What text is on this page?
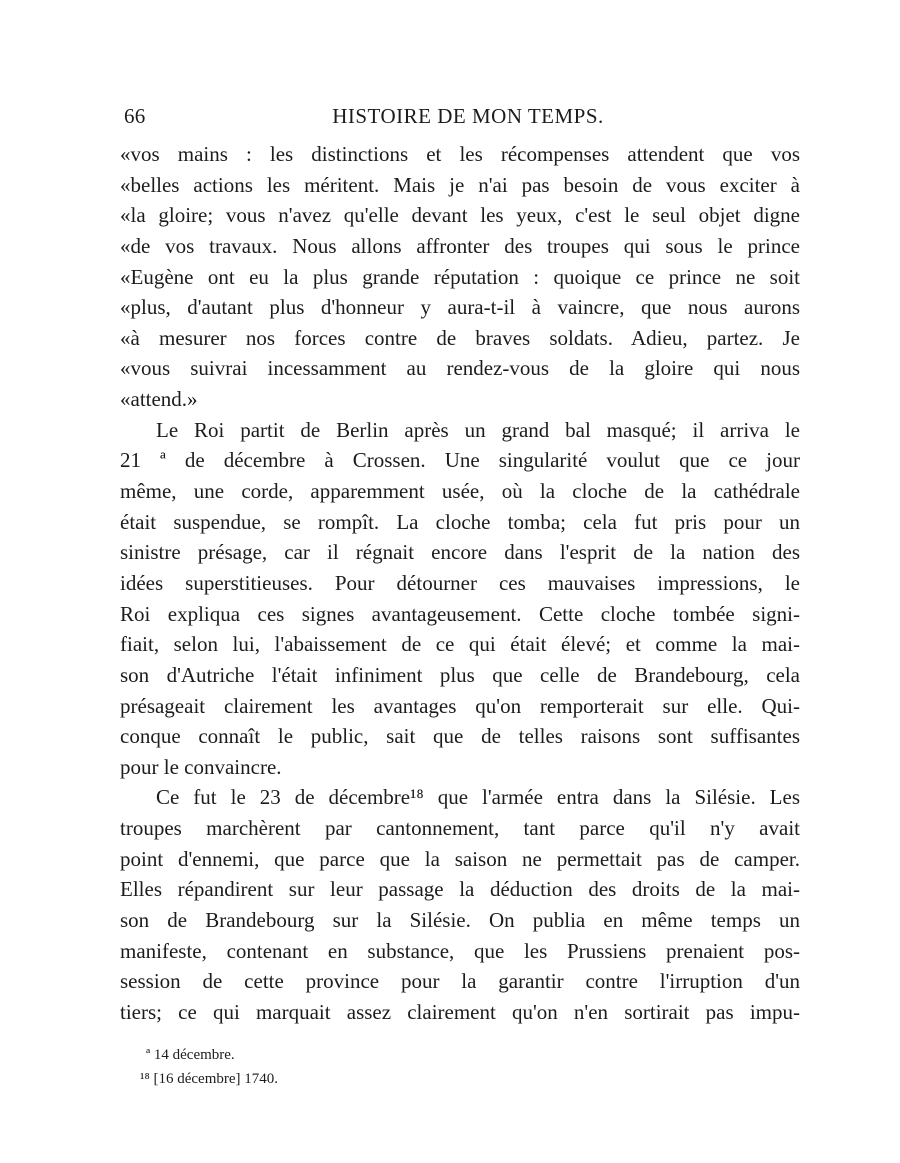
66	HISTOIRE DE MON TEMPS.
«vos mains : les distinctions et les récompenses attendent que vos
«belles actions les méritent. Mais je n'ai pas besoin de vous exciter à
«la gloire; vous n'avez qu'elle devant les yeux, c'est le seul objet digne
«de vos travaux. Nous allons affronter des troupes qui sous le prince
«Eugène ont eu la plus grande réputation : quoique ce prince ne soit
«plus, d'autant plus d'honneur y aura-t-il à vaincre, que nous aurons
«à mesurer nos forces contre de braves soldats. Adieu, partez. Je
«vous suivrai incessamment au rendez-vous de la gloire qui nous
«attend.»
Le Roi partit de Berlin après un grand bal masqué; il arriva le
21 ª de décembre à Crossen. Une singularité voulut que ce jour
même, une corde, apparemment usée, où la cloche de la cathédrale
était suspendue, se rompît. La cloche tomba; cela fut pris pour un
sinistre présage, car il régnait encore dans l'esprit de la nation des
idées superstitieuses. Pour détourner ces mauvaises impressions, le
Roi expliqua ces signes avantageusement. Cette cloche tombée signi-
fiait, selon lui, l'abaissement de ce qui était élevé; et comme la mai-
son d'Autriche l'était infiniment plus que celle de Brandebourg, cela
présageait clairement les avantages qu'on remporterait sur elle. Qui-
conque connaît le public, sait que de telles raisons sont suffisantes
pour le convaincre.
Ce fut le 23 de décembre¹⁸ que l'armée entra dans la Silésie. Les
troupes marchèrent par cantonnement, tant parce qu'il n'y avait
point d'ennemi, que parce que la saison ne permettait pas de camper.
Elles répandirent sur leur passage la déduction des droits de la mai-
son de Brandebourg sur la Silésie. On publia en même temps un
manifeste, contenant en substance, que les Prussiens prenaient pos-
session de cette province pour la garantir contre l'irruption d'un
tiers; ce qui marquait assez clairement qu'on n'en sortirait pas impu-
ª 14 décembre.
¹⁸ [16 décembre] 1740.
